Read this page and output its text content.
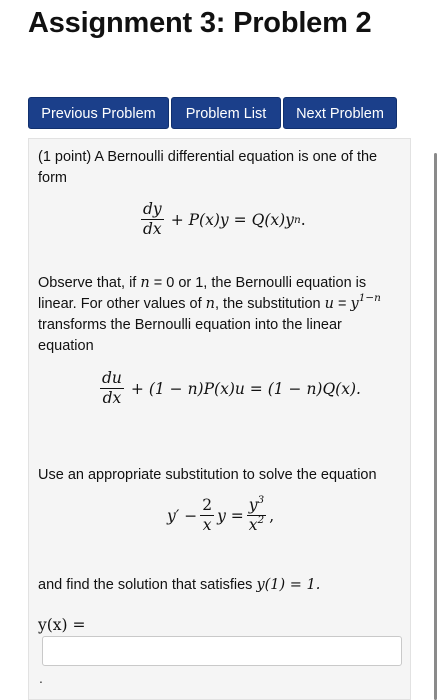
Assignment 3: Problem 2
Previous Problem	Problem List	Next Problem
(1 point) A Bernoulli differential equation is one of the form
$\frac{dy}{dx} + P(x)y = Q(x)y$ n .
Observe that, if n = 0 or 1, the Bernoulli equation is linear. For other values of n, the substitution $u = y^{1-n}$ transforms the Bernoulli equation into the linear equation
$\frac{du}{dx} + (1 - n)P(x)u = (1 - n)Q(x)$.
Use an appropriate substitution to solve the equation
$y' - \frac{2}{x}$ $y = \frac{y^3}{x^2}$ ,
and find the solution that satisfies y(1) = 1.
y(x) =
.
